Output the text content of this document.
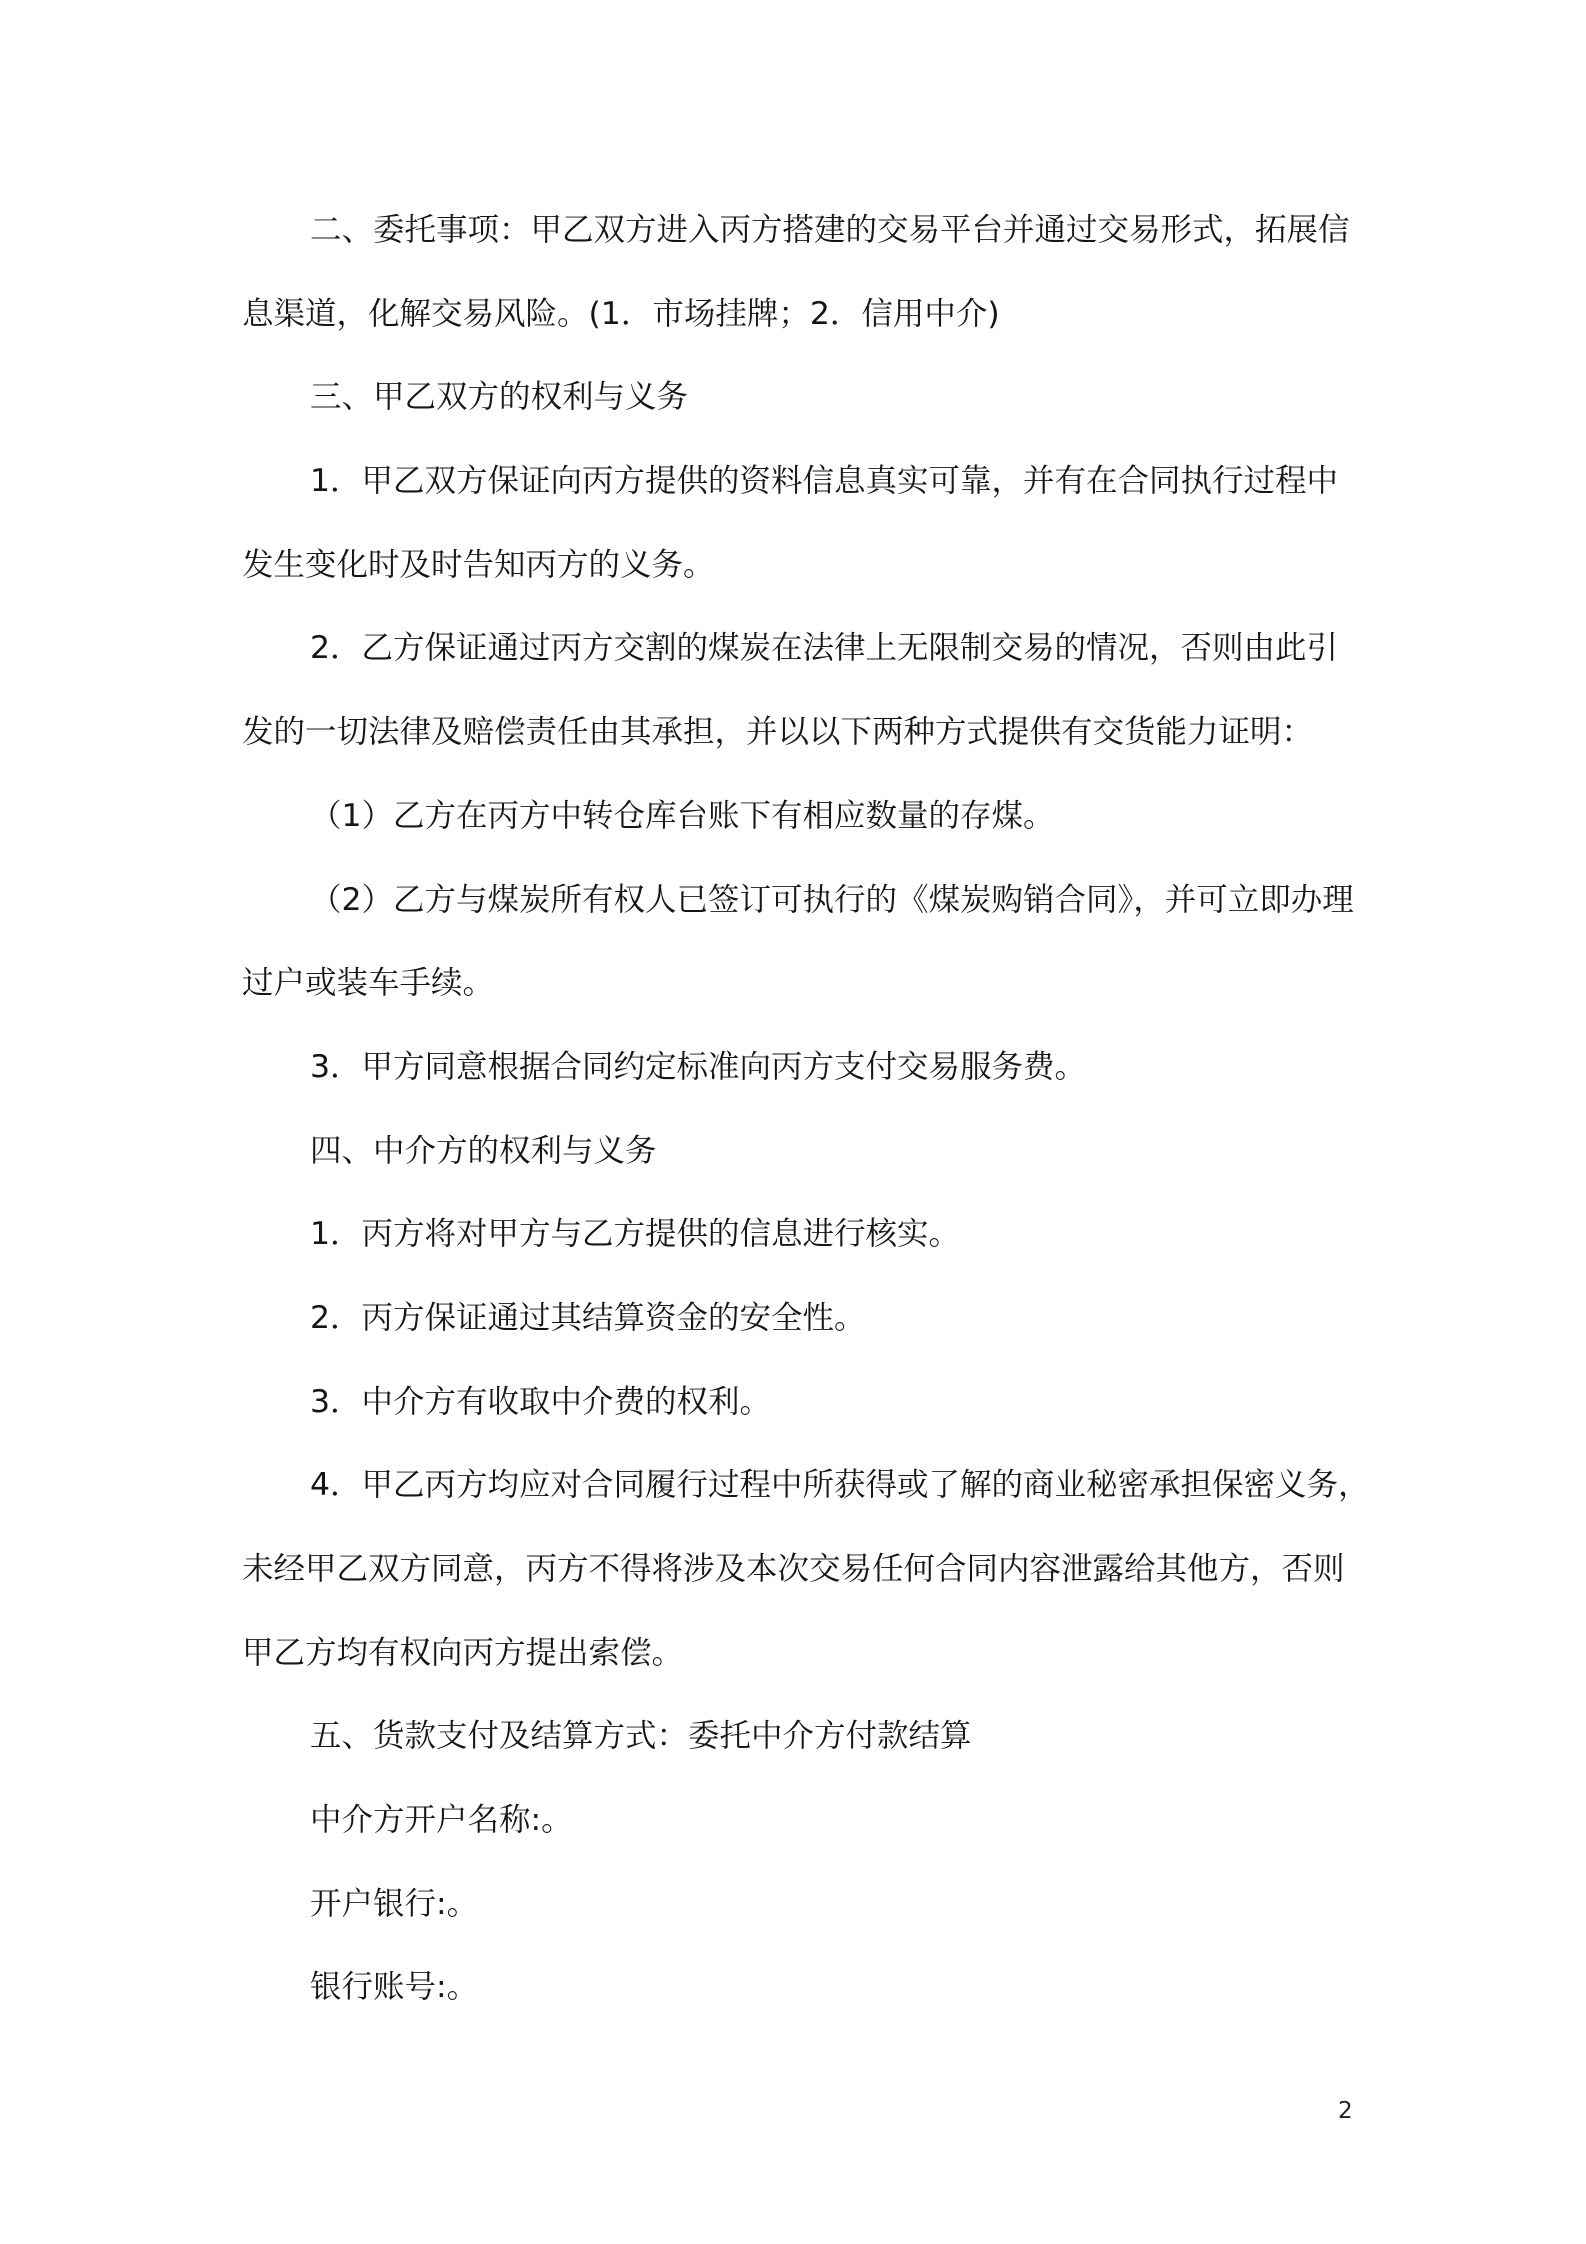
二、委托事项：甲乙双方进入丙方搭建的交易平台并通过交易形式，拓展信
息渠道，化解交易风险。(1．市场挂牌；2．信用中介)
三、甲乙双方的权利与义务
1．甲乙双方保证向丙方提供的资料信息真实可靠，并有在合同执行过程中
发生变化时及时告知丙方的义务。
2．乙方保证通过丙方交割的煤炭在法律上无限制交易的情况，否则由此引
发的一切法律及赔偿责任由其承担，并以以下两种方式提供有交货能力证明：
（1）乙方在丙方中转仓库台账下有相应数量的存煤。
（2）乙方与煤炭所有权人已签订可执行的《煤炭购销合同》，并可立即办理
过户或装车手续。
3．甲方同意根据合同约定标准向丙方支付交易服务费。
四、中介方的权利与义务
1．丙方将对甲方与乙方提供的信息进行核实。
2．丙方保证通过其结算资金的安全性。
3．中介方有收取中介费的权利。
4．甲乙丙方均应对合同履行过程中所获得或了解的商业秘密承担保密义务，
未经甲乙双方同意，丙方不得将涉及本次交易任何合同内容泄露给其他方，否则
甲乙方均有权向丙方提出索偿。
五、货款支付及结算方式：委托中介方付款结算
中介方开户名称:。
开户银行:。
银行账号:。
2
